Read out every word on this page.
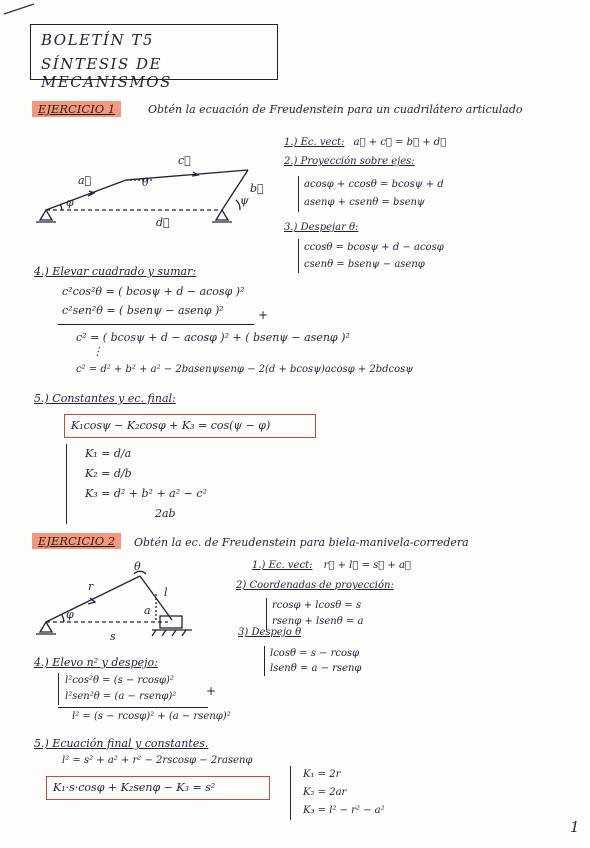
BOLETÍN T5
SÍNTESIS DE MECANISMOS
EJERCICIO 1	Obtén la ecuación de Freudenstein para un cuadrilátero articulado
a⃗
c⃗
b⃗
d⃗
θ
φ	ψ
1.) Ec. vect: a⃗ + c⃗ = b⃗ + d⃗
2.) Proyección sobre ejes:
acosφ + ccosθ = bcosψ + d
asenφ + csenθ = bsenψ
3.) Despejar θ:
ccosθ = bcosψ + d − acosφ
csenθ = bsenψ − asenφ
4.) Elevar cuadrado y sumar:
c²cos²θ = ( bcosψ + d − acosφ )²
c²sen²θ = ( bsenψ − asenφ )²	+
c² = ( bcosψ + d − acosφ )² + ( bsenψ − asenφ )²
⋮
c² = d² + b² + a² − 2basenψsenφ − 2(d + bcosψ)acosφ + 2bdcosψ
5.) Constantes y ec. final:
K₁cosψ − K₂cosφ + K₃ = cos(ψ − φ)
K₁ = d/a
K₂ = d/b
K₃ = d² + b² + a² − c²
2ab
EJERCICIO 2	Obtén la ec. de Freudenstein para biela-manivela-corredera
r	l
θ
φ	a
s
1.) Ec. vect: r⃗ + l⃗ = s⃗ + a⃗
2) Coordenadas de proyección:
rcosφ + lcosθ = s
rsenφ + lsenθ = a
3) Despejo θ
lcosθ = s − rcosφ
lsenθ = a − rsenφ
4.) Elevo n² y despejo:
l²cos²θ = (s − rcosφ)²
l²sen²θ = (a − rsenφ)² +
l² = (s − rcosφ)² + (a − rsenφ)²
5.) Ecuación final y constantes.
l² = s² + a² + r² − 2rscosφ − 2rasenφ
K₁·s·cosφ + K₂senφ − K₃ = s²
K₁ = 2r
K₂ = 2ar
K₃ = l² − r² − a²
1
